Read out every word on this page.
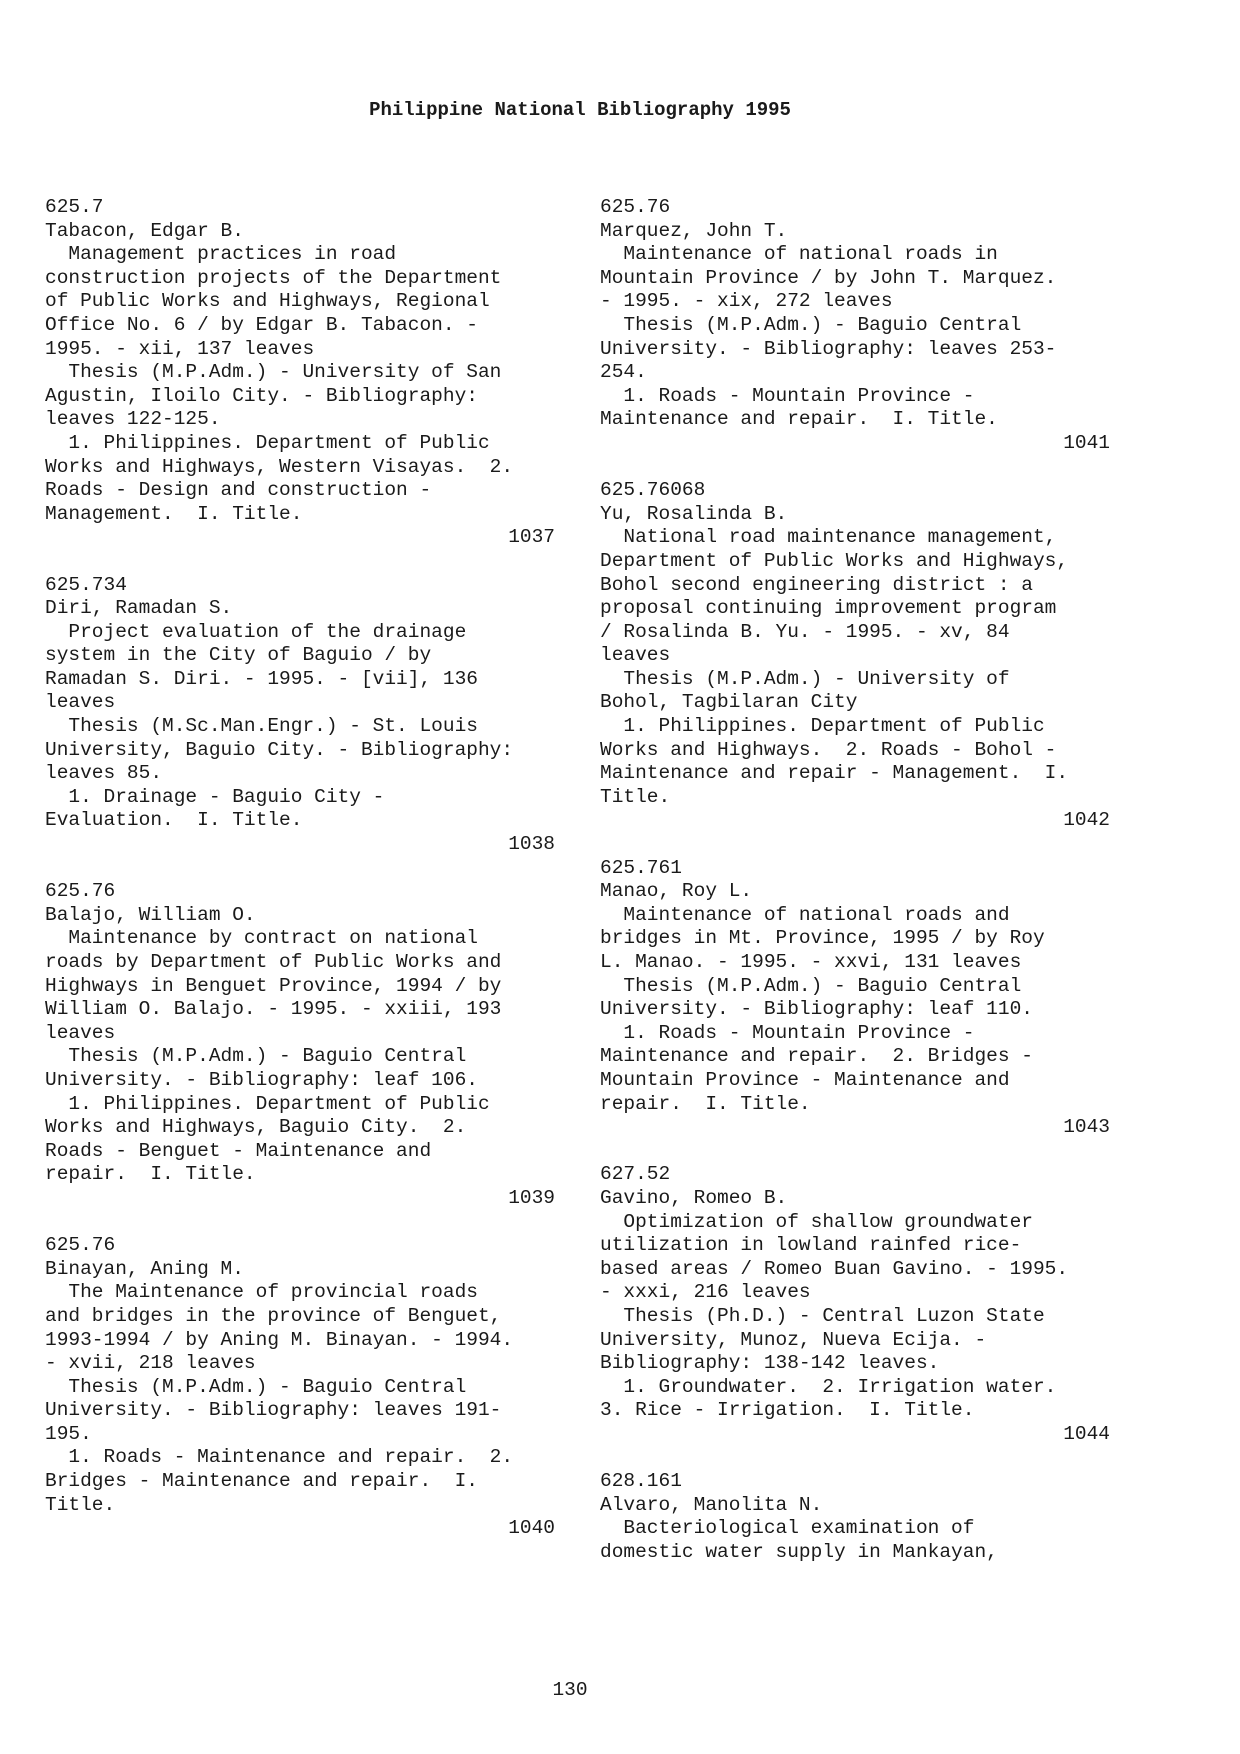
Philippine National Bibliography 1995
625.7
Tabacon, Edgar B.
Management practices in road
construction projects of the Department
of Public Works and Highways, Regional
Office No. 6 / by Edgar B. Tabacon. -
1995. - xii, 137 leaves
Thesis (M.P.Adm.) - University of San
Agustin, Iloilo City. - Bibliography:
leaves 122-125.
1. Philippines. Department of Public
Works and Highways, Western Visayas.  2.
Roads - Design and construction -
Management.  I. Title.
1037
625.734
Diri, Ramadan S.
Project evaluation of the drainage
system in the City of Baguio / by
Ramadan S. Diri. - 1995. - [vii], 136
leaves
Thesis (M.Sc.Man.Engr.) - St. Louis
University, Baguio City. - Bibliography:
leaves 85.
1. Drainage - Baguio City -
Evaluation.  I. Title.
1038
625.76
Balajo, William O.
Maintenance by contract on national
roads by Department of Public Works and
Highways in Benguet Province, 1994 / by
William O. Balajo. - 1995. - xxiii, 193
leaves
Thesis (M.P.Adm.) - Baguio Central
University. - Bibliography: leaf 106.
1. Philippines. Department of Public
Works and Highways, Baguio City.  2.
Roads - Benguet - Maintenance and
repair.  I. Title.
1039
625.76
Binayan, Aning M.
The Maintenance of provincial roads
and bridges in the province of Benguet,
1993-1994 / by Aning M. Binayan. - 1994.
- xvii, 218 leaves
Thesis (M.P.Adm.) - Baguio Central
University. - Bibliography: leaves 191-
195.
1. Roads - Maintenance and repair.  2.
Bridges - Maintenance and repair.  I.
Title.
1040
625.76
Marquez, John T.
Maintenance of national roads in
Mountain Province / by John T. Marquez.
- 1995. - xix, 272 leaves
Thesis (M.P.Adm.) - Baguio Central
University. - Bibliography: leaves 253-
254.
1. Roads - Mountain Province -
Maintenance and repair.  I. Title.
1041
625.76068
Yu, Rosalinda B.
National road maintenance management,
Department of Public Works and Highways,
Bohol second engineering district : a
proposal continuing improvement program
/ Rosalinda B. Yu. - 1995. - xv, 84
leaves
Thesis (M.P.Adm.) - University of
Bohol, Tagbilaran City
1. Philippines. Department of Public
Works and Highways.  2. Roads - Bohol -
Maintenance and repair - Management.  I.
Title.
1042
625.761
Manao, Roy L.
Maintenance of national roads and
bridges in Mt. Province, 1995 / by Roy
L. Manao. - 1995. - xxvi, 131 leaves
Thesis (M.P.Adm.) - Baguio Central
University. - Bibliography: leaf 110.
1. Roads - Mountain Province -
Maintenance and repair.  2. Bridges -
Mountain Province - Maintenance and
repair.  I. Title.
1043
627.52
Gavino, Romeo B.
Optimization of shallow groundwater
utilization in lowland rainfed rice-
based areas / Romeo Buan Gavino. - 1995.
- xxxi, 216 leaves
Thesis (Ph.D.) - Central Luzon State
University, Munoz, Nueva Ecija. -
Bibliography: 138-142 leaves.
1. Groundwater.  2. Irrigation water.
3. Rice - Irrigation.  I. Title.
1044
628.161
Alvaro, Manolita N.
Bacteriological examination of
domestic water supply in Mankayan,
130
